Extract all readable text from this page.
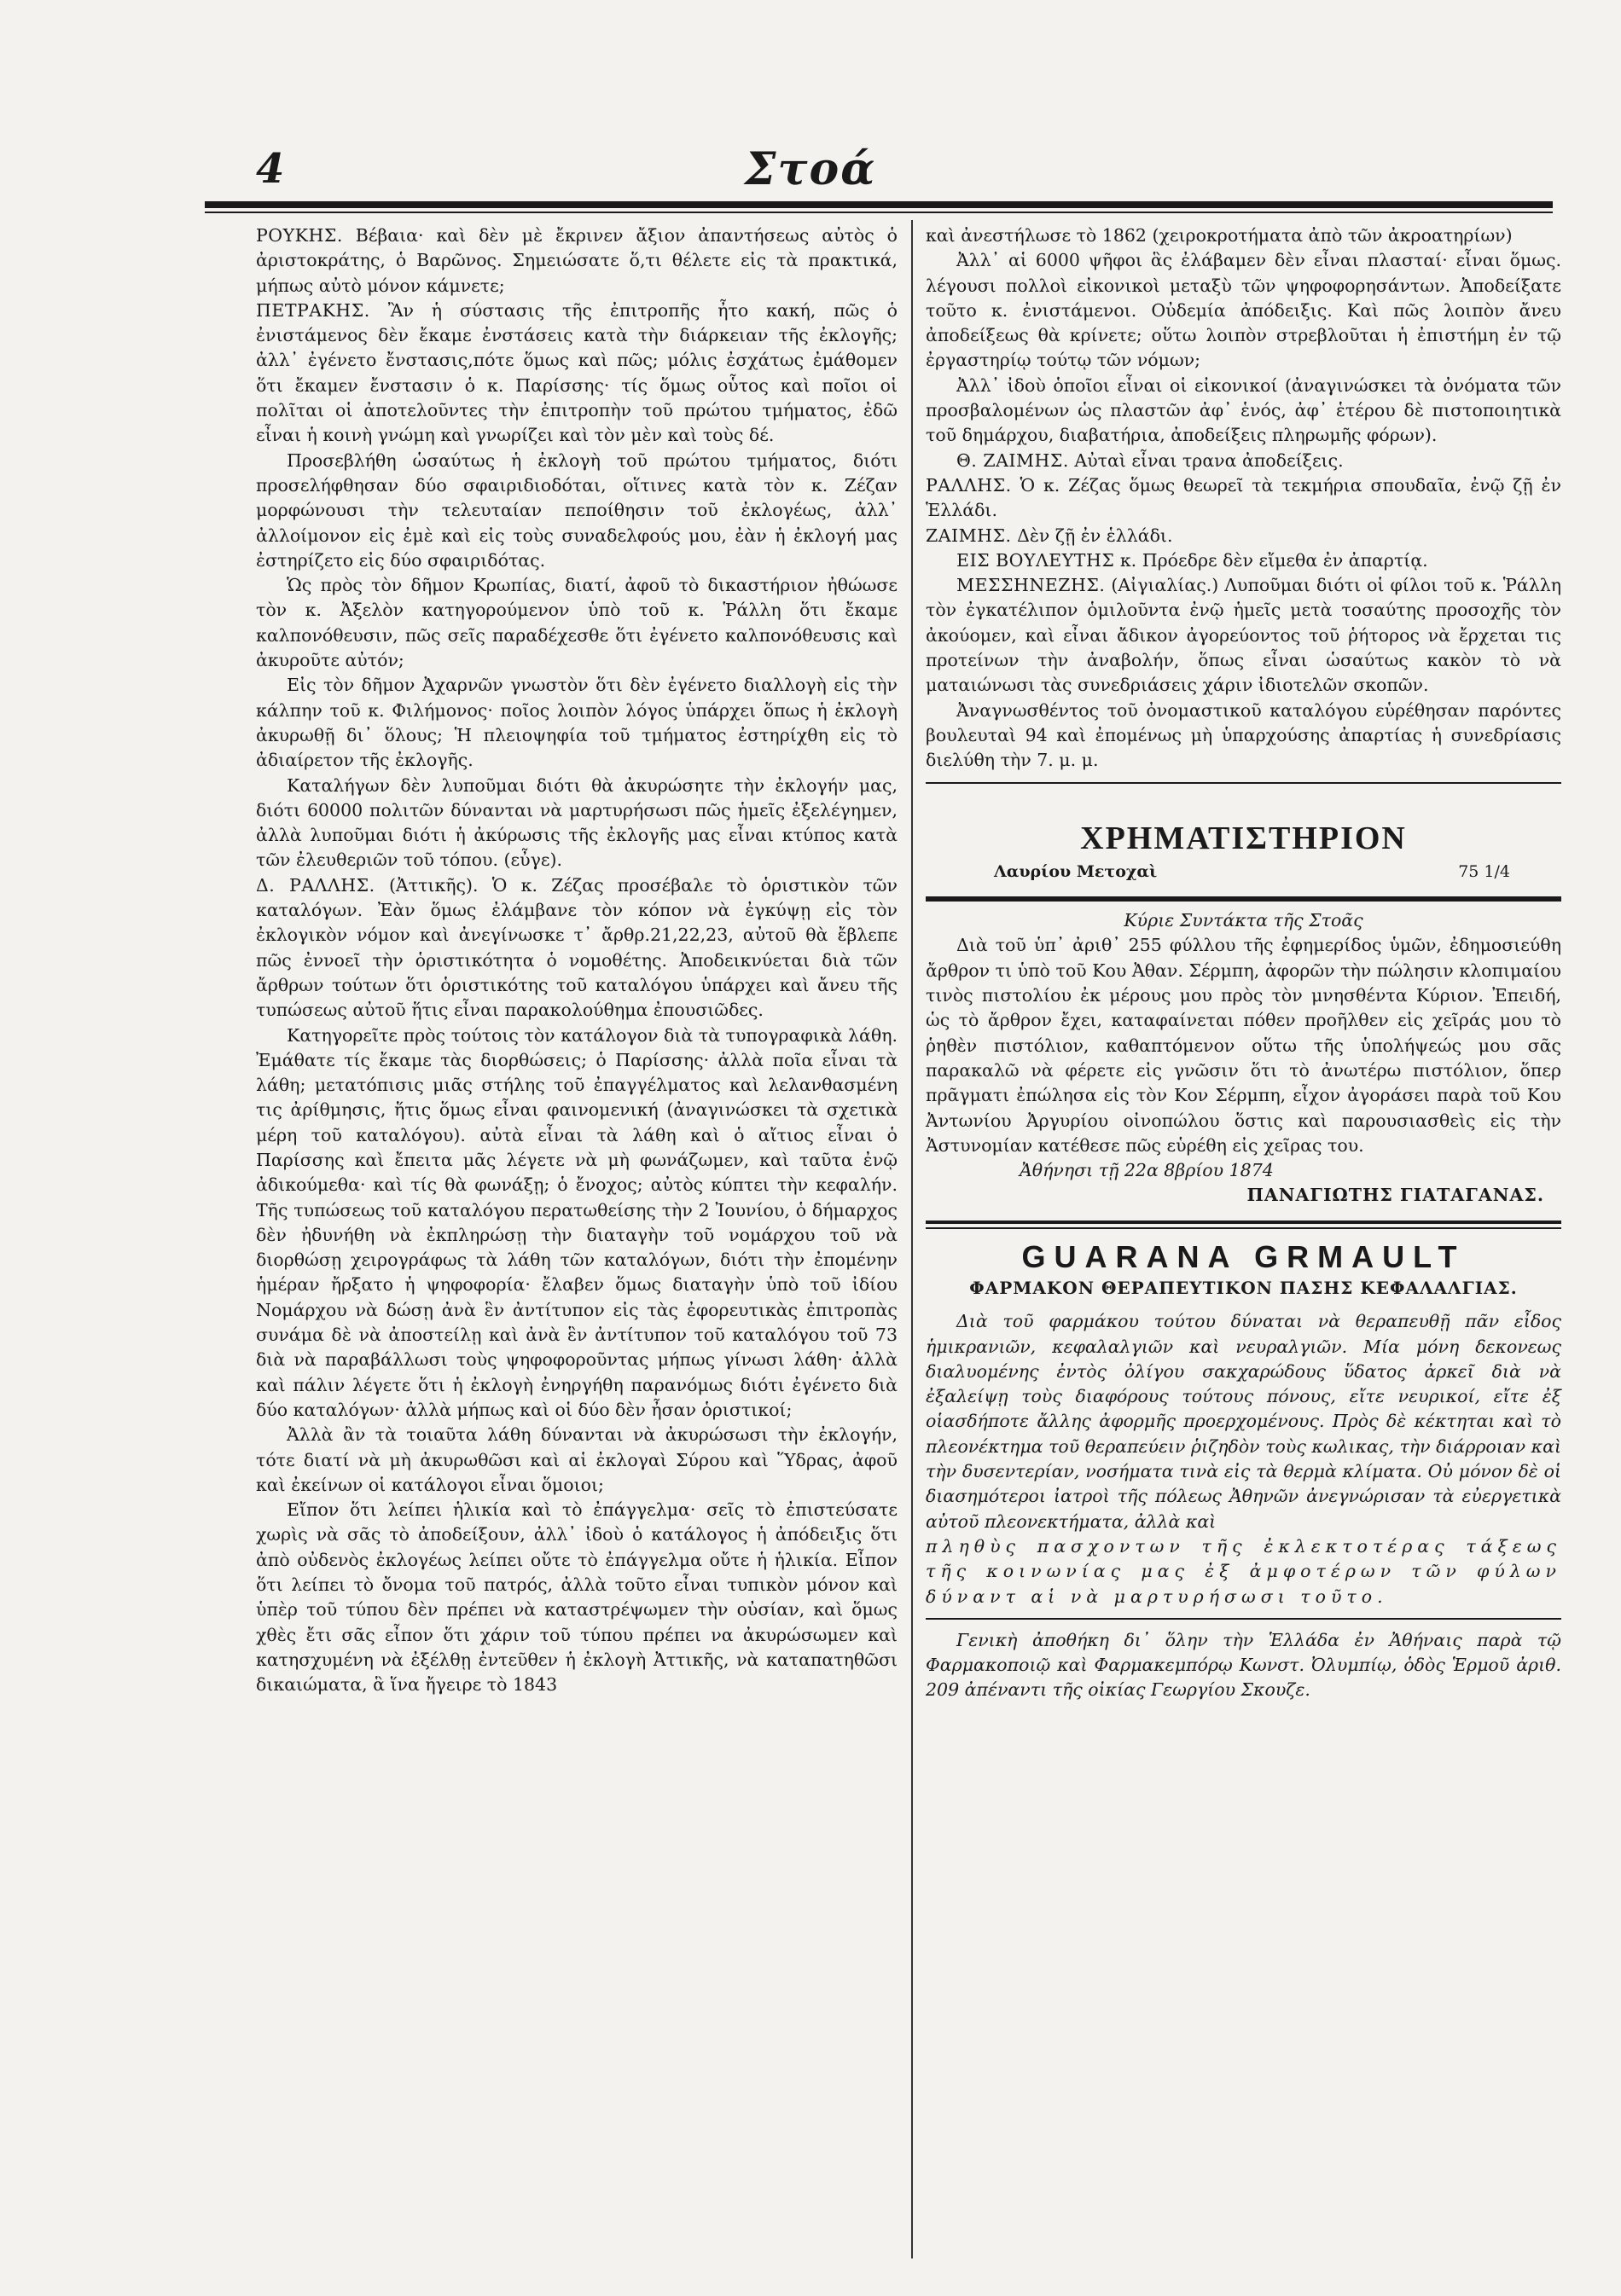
4	Στοά

ΡΟΥΚΗΣ. Βέβαια· καὶ δὲν μὲ ἔκρινεν ἄξιον ἀπαντήσεως αὐτὸς ὁ ἀριστοκράτης, ὁ Βαρῶνος. Σημειώσατε ὅ,τι θέλετε εἰς τὰ πρακτικά, μήπως αὐτὸ μόνον κάμνετε;

ΠΕΤΡΑΚΗΣ. Ἂν ἡ σύστασις τῆς ἐπιτροπῆς ἦτο κακή, πῶς ὁ ἐνιστάμενος δὲν ἔκαμε ἐνστάσεις κατὰ τὴν διάρκειαν τῆς ἐκλογῆς; ἀλλ᾿ ἐγένετο ἔνστασις,πότε ὅμως καὶ πῶς; μόλις ἐσχάτως ἐμάθομεν ὅτι ἔκαμεν ἔνστασιν ὁ κ. Παρίσσης· τίς ὅμως οὗτος καὶ ποῖοι οἱ πολῖται οἱ ἀποτελοῦντες τὴν ἐπιτροπὴν τοῦ πρώτου τμήματος, ἐδῶ εἶναι ἡ κοινὴ γνώμη καὶ γνωρίζει καὶ τὸν μὲν καὶ τοὺς δέ.

Προσεβλήθη ὡσαύτως ἡ ἐκλογὴ τοῦ πρώτου τμήματος, διότι προσελήφθησαν δύο σφαιριδιοδόται, οἵτινες κατὰ τὸν κ. Ζέζαν μορφώνουσι τὴν τελευταίαν πεποίθησιν τοῦ ἐκλογέως, ἀλλ᾿ ἀλλοίμονον εἰς ἐμὲ καὶ εἰς τοὺς συναδελφούς μου, ἐὰν ἡ ἐκλογή μας ἐστηρίζετο εἰς δύο σφαιριδότας.

Ὡς πρὸς τὸν δῆμον Κρωπίας, διατί, ἀφοῦ τὸ δικαστήριον ἠθώωσε τὸν κ. Ἀξελὸν κατηγορούμενον ὑπὸ τοῦ κ. Ῥάλλη ὅτι ἔκαμε καλπονόθευσιν, πῶς σεῖς παραδέχεσθε ὅτι ἐγένετο καλπονόθευσις καὶ ἀκυροῦτε αὐτόν;

Εἰς τὸν δῆμον Ἀχαρνῶν γνωστὸν ὅτι δὲν ἐγένετο διαλλογὴ εἰς τὴν κάλπην τοῦ κ. Φιλήμονος· ποῖος λοιπὸν λόγος ὑπάρχει ὅπως ἡ ἐκλογὴ ἀκυρωθῇ δι᾿ ὅλους; Ἡ πλειοψηφία τοῦ τμήματος ἐστηρίχθη εἰς τὸ ἀδιαίρετον τῆς ἐκλογῆς.

Καταλήγων δὲν λυποῦμαι διότι θὰ ἀκυρώσητε τὴν ἐκλογήν μας, διότι 60000 πολιτῶν δύνανται νὰ μαρτυρήσωσι πῶς ἡμεῖς ἐξελέγημεν, ἀλλὰ λυποῦμαι διότι ἡ ἀκύρωσις τῆς ἐκλογῆς μας εἶναι κτύπος κατὰ τῶν ἐλευθεριῶν τοῦ τόπου. (εὖγε).

Δ. ΡΑΛΛΗΣ. (Ἀττικῆς). Ὁ κ. Ζέζας προσέβαλε τὸ ὁριστικὸν τῶν καταλόγων. Ἐὰν ὅμως ἐλάμβανε τὸν κόπον νὰ ἐγκύψῃ εἰς τὸν ἐκλογικὸν νόμον καὶ ἀνεγίνωσκε τ᾿ ἄρθρ.21,22,23, αὐτοῦ θὰ ἔβλεπε πῶς ἐννοεῖ τὴν ὁριστικότητα ὁ νομοθέτης. Ἀποδεικνύεται διὰ τῶν ἄρθρων τούτων ὅτι ὁριστικότης τοῦ καταλόγου ὑπάρχει καὶ ἄνευ τῆς τυπώσεως αὐτοῦ ἥτις εἶναι παρακολούθημα ἐπουσιῶδες.

Κατηγορεῖτε πρὸς τούτοις τὸν κατάλογον διὰ τὰ τυπογραφικὰ λάθη. Ἐμάθατε τίς ἔκαμε τὰς διορθώσεις; ὁ Παρίσσης· ἀλλὰ ποῖα εἶναι τὰ λάθη; μετατόπισις μιᾶς στήλης τοῦ ἐπαγγέλματος καὶ λελανθασμένη τις ἀρίθμησις, ἥτις ὅμως εἶναι φαινομενική (ἀναγινώσκει τὰ σχετικὰ μέρη τοῦ καταλόγου). αὐτὰ εἶναι τὰ λάθη καὶ ὁ αἴτιος εἶναι ὁ Παρίσσης καὶ ἔπειτα μᾶς λέγετε νὰ μὴ φωνάζωμεν, καὶ ταῦτα ἐνῷ ἀδικούμεθα· καὶ τίς θὰ φωνάξῃ; ὁ ἔνοχος; αὐτὸς κύπτει τὴν κεφαλήν. Τῆς τυπώσεως τοῦ καταλόγου περατωθείσης τὴν 2 Ἰουνίου, ὁ δήμαρχος δὲν ἠδυνήθη νὰ ἐκπληρώσῃ τὴν διαταγὴν τοῦ νομάρχου τοῦ νὰ διορθώσῃ χειρογράφως τὰ λάθη τῶν καταλόγων, διότι τὴν ἐπομένην ἡμέραν ἤρξατο ἡ ψηφοφορία· ἔλαβεν ὅμως διαταγὴν ὑπὸ τοῦ ἰδίου Νομάρχου νὰ δώσῃ ἀνὰ ἓν ἀντίτυπον εἰς τὰς ἐφορευτικὰς ἐπιτροπὰς συνάμα δὲ νὰ ἀποστείλῃ καὶ ἀνὰ ἓν ἀντίτυπον τοῦ καταλόγου τοῦ 73 διὰ νὰ παραβάλλωσι τοὺς ψηφοφοροῦντας μήπως γίνωσι λάθη· ἀλλὰ καὶ πάλιν λέγετε ὅτι ἡ ἐκλογὴ ἐνηργήθη παρανόμως διότι ἐγένετο διὰ δύο καταλόγων· ἀλλὰ μήπως καὶ οἱ δύο δὲν ἦσαν ὁριστικοί;

Ἀλλὰ ἂν τὰ τοιαῦτα λάθη δύνανται νὰ ἀκυρώσωσι τὴν ἐκλογήν, τότε διατί νὰ μὴ ἀκυρωθῶσι καὶ αἱ ἐκλογαὶ Σύρου καὶ Ὕδρας, ἀφοῦ καὶ ἐκείνων οἱ κατάλογοι εἶναι ὅμοιοι;

Εἴπον ὅτι λείπει ἡλικία καὶ τὸ ἐπάγγελμα· σεῖς τὸ ἐπιστεύσατε χωρὶς νὰ σᾶς τὸ ἀποδείξουν, ἀλλ᾿ ἰδοὺ ὁ κατάλογος ἡ ἀπόδειξις ὅτι ἀπὸ οὐδενὸς ἐκλογέως λείπει οὔτε τὸ ἐπάγγελμα οὔτε ἡ ἡλικία. Εἶπον ὅτι λείπει τὸ ὄνομα τοῦ πατρός, ἀλλὰ τοῦτο εἶναι τυπικὸν μόνον καὶ ὑπὲρ τοῦ τύπου δὲν πρέπει νὰ καταστρέψωμεν τὴν οὐσίαν, καὶ ὅμως χθὲς ἔτι σᾶς εἶπον ὅτι χάριν τοῦ τύπου πρέπει να ἀκυρώσωμεν καὶ κατησχυμένη νὰ ἐξέλθῃ ἐντεῦθεν ἡ ἐκλογὴ Ἀττικῆς, νὰ καταπατηθῶσι δικαιώματα, ἃ ἵνα ἤγειρε τὸ 1843

καὶ ἀνεστήλωσε τὸ 1862 (χειροκροτήματα ἀπὸ τῶν ἀκροατηρίων)

Ἀλλ᾿ αἱ 6000 ψῆφοι ἃς ἐλάβαμεν δὲν εἶναι πλασταί· εἶναι ὅμως. λέγουσι πολλοὶ εἰκονικοὶ μεταξὺ τῶν ψηφοφορησάντων. Ἀποδείξατε τοῦτο κ. ἐνιστάμενοι. Οὐδεμία ἀπόδειξις. Καὶ πῶς λοιπὸν ἄνευ ἀποδείξεως θὰ κρίνετε; οὕτω λοιπὸν στρεβλοῦται ἡ ἐπιστήμη ἐν τῷ ἐργαστηρίῳ τούτῳ τῶν νόμων;

Ἀλλ᾿ ἰδοὺ ὁποῖοι εἶναι οἱ εἰκονικοί (ἀναγινώσκει τὰ ὀνόματα τῶν προσβαλομένων ὡς πλαστῶν ἀφ᾿ ἑνός, ἀφ᾿ ἑτέρου δὲ πιστοποιητικὰ τοῦ δημάρχου, διαβατήρια, ἀποδείξεις πληρωμῆς φόρων).

Θ. ΖΑΙΜΗΣ. Αὐταὶ εἶναι τρανα ἀποδείξεις.

ΡΑΛΛΗΣ. Ὁ κ. Ζέζας ὅμως θεωρεῖ τὰ τεκμήρια σπουδαῖα, ἐνῷ ζῇ ἐν Ἑλλάδι.

ΖΑΙΜΗΣ. Δὲν ζῇ ἐν ἑλλάδι.

ΕΙΣ ΒΟΥΛΕΥΤΗΣ κ. Πρόεδρε δὲν εἴμεθα ἐν ἀπαρτίᾳ.

ΜΕΣΣΗΝΕΖΗΣ. (Αἰγιαλίας.) Λυποῦμαι διότι οἱ φίλοι τοῦ κ. Ῥάλλη τὸν ἐγκατέλιπον ὁμιλοῦντα ἐνῷ ἡμεῖς μετὰ τοσαύτης προσοχῆς τὸν ἀκούομεν, καὶ εἶναι ἄδικον ἀγορεύοντος τοῦ ῥήτορος νὰ ἔρχεται τις προτείνων τὴν ἀναβολήν, ὅπως εἶναι ὡσαύτως κακὸν τὸ νὰ ματαιώνωσι τὰς συνεδριάσεις χάριν ἰδιοτελῶν σκοπῶν.

Ἀναγνωσθέντος τοῦ ὀνομαστικοῦ καταλόγου εὑρέθησαν παρόντες βουλευταὶ 94 καὶ ἐπομένως μὴ ὑπαρχούσης ἀπαρτίας ἡ συνεδρίασις διελύθη τὴν 7. μ. μ.

ΧΡΗΜΑΤΙΣΤΗΡΙΟΝ
Λαυρίου Μετοχαὶ	75 1/4

Κύριε Συντάκτα τῆς Στοᾶς

Διὰ τοῦ ὑπ᾿ ἀριθ᾿ 255 φύλλου τῆς ἐφημερίδος ὑμῶν, ἐδημοσιεύθη ἄρθρον τι ὑπὸ τοῦ Κου Ἀθαν. Σέρμπη, ἀφορῶν τὴν πώλησιν κλοπιμαίου τινὸς πιστολίου ἐκ μέρους μου πρὸς τὸν μνησθέντα Κύριον. Ἐπειδή, ὡς τὸ ἄρθρον ἔχει, καταφαίνεται πόθεν προῆλθεν εἰς χεῖράς μου τὸ ῥηθὲν πιστόλιον, καθαπτόμενον οὕτω τῆς ὑπολήψεώς μου σᾶς παρακαλῶ νὰ φέρετε εἰς γνῶσιν ὅτι τὸ ἀνωτέρω πιστόλιον, ὅπερ πρᾶγματι ἐπώλησα εἰς τὸν Κον Σέρμπη, εἶχον ἀγοράσει παρὰ τοῦ Κου Ἀντωνίου Ἀργυρίου οἰνοπώλου ὅστις καὶ παρουσιασθεὶς εἰς τὴν Ἀστυνομίαν κατέθεσε πῶς εὑρέθη εἰς χεῖρας του.

Ἀθήνησι τῇ 22α 8βρίου 1874

ΠΑΝΑΓΙΩΤΗΣ ΓΙΑΤΑΓΑΝΑΣ.

GUARANA GRMAULT
ΦΑΡΜΑΚΟΝ ΘΕΡΑΠΕΥΤΙΚΟΝ ΠΑΣΗΣ ΚΕΦΑΛΑΛΓΙΑΣ.

Διὰ τοῦ φαρμάκου τούτου δύναται νὰ θεραπευθῇ πᾶν εἶδος ἡμικρανιῶν, κεφαλαλγιῶν καὶ νευραλγιῶν. Μία μόνη δεκονεως διαλυομένης ἐντὸς ὀλίγου σακχαρώδους ὕδατος ἀρκεῖ διὰ νὰ ἐξαλείψῃ τοὺς διαφόρους τούτους πόνους, εἴτε νευρικοί, εἴτε ἐξ οἱασδήποτε ἄλλης ἀφορμῆς προερχομένους. Πρὸς δὲ κέκτηται καὶ τὸ πλεονέκτημα τοῦ θεραπεύειν ῥιζηδὸν τοὺς κωλικας, τὴν διάρροιαν καὶ τὴν δυσεντερίαν, νοσήματα τινὰ εἰς τὰ θερμὰ κλίματα. Οὐ μόνον δὲ οἱ διασημότεροι ἰατροὶ τῆς πόλεως Ἀθηνῶν ἀνεγνώρισαν τὰ εὐεργετικὰ αὐτοῦ πλεονεκτήματα, ἀλλὰ καὶ

πληθὺς πασχοντων τῆς ἐκλεκτοτέρας τάξεως τῆς κοινωνίας μας ἐξ ἀμφοτέρων τῶν φύλων δύναντ αἱ νὰ μαρτυρήσωσι τοῦτο.

Γενικὴ ἀποθήκη δι᾿ ὅλην τὴν Ἑλλάδα ἐν Ἀθήναις παρὰ τῷ Φαρμακοποιῷ καὶ Φαρμακεμπόρῳ Κωνστ. Ὀλυμπίῳ, ὁδὸς Ἑρμοῦ ἀριθ. 209 ἀπέναντι τῆς οἰκίας Γεωργίου Σκουζε.
